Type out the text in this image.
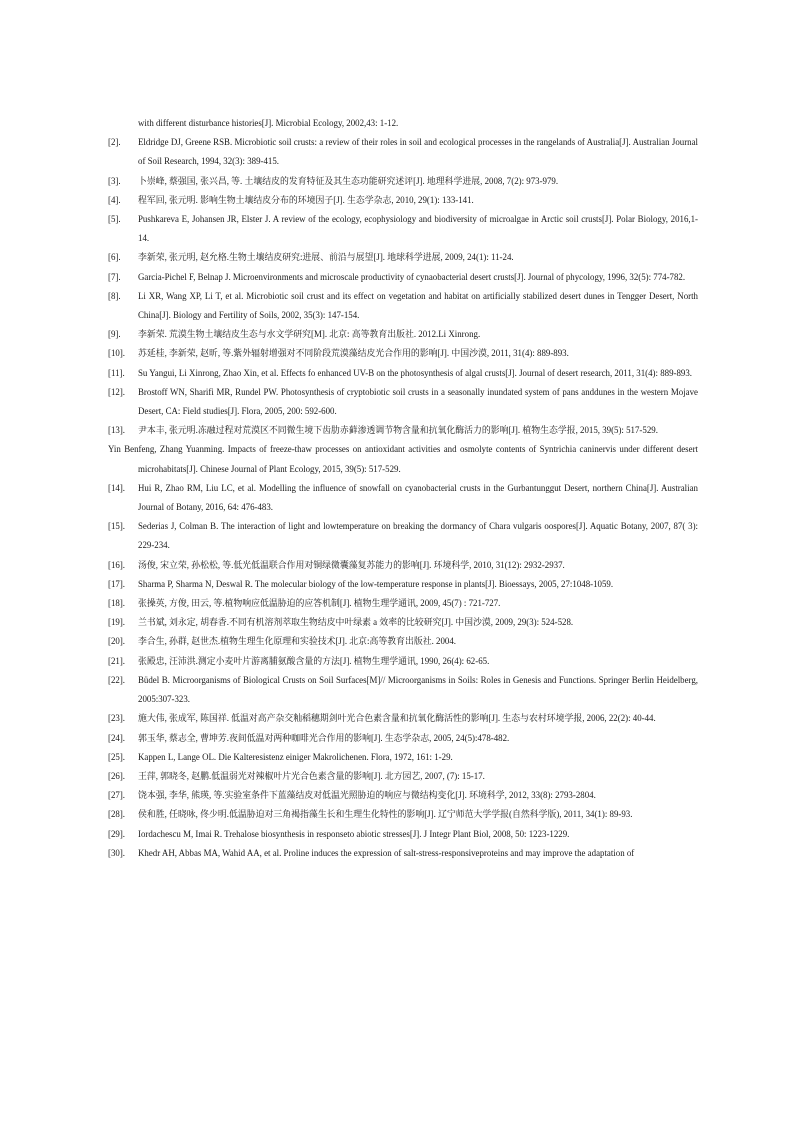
with different disturbance histories[J]. Microbial Ecology, 2002,43: 1-12.
[2]. Eldridge DJ, Greene RSB. Microbiotic soil crusts: a review of their roles in soil and ecological processes in the rangelands of Australia[J]. Australian Journal of Soil Research, 1994, 32(3): 389-415.
[3]. 卜崇峰, 蔡强国, 张兴昌, 等. 土壤结皮的发育特征及其生态功能研究述评[J]. 地理科学进展, 2008, 7(2): 973-979.
[4]. 程军回, 张元明. 影响生物土壤结皮分布的环境因子[J]. 生态学杂志, 2010, 29(1): 133-141.
[5]. Pushkareva E, Johansen JR, Elster J. A review of the ecology, ecophysiology and biodiversity of microalgae in Arctic soil crusts[J]. Polar Biology, 2016,1-14.
[6]. 李新荣, 张元明, 赵允格.生物土壤结皮研究:进展、前沿与展望[J]. 地球科学进展, 2009, 24(1): 11-24.
[7]. Garcia-Pichel F, Belnap J. Microenvironments and microscale productivity of cynaobacterial desert crusts[J]. Journal of phycology, 1996, 32(5): 774-782.
[8]. Li XR, Wang XP, Li T, et al. Microbiotic soil crust and its effect on vegetation and habitat on artificially stabilized desert dunes in Tengger Desert, North China[J]. Biology and Fertility of Soils, 2002, 35(3): 147-154.
[9]. 李新荣. 荒漠生物土壤结皮生态与水文学研究[M]. 北京: 高等教育出版社. 2012.Li Xinrong.
[10]. 苏延桂, 李新荣, 赵昕, 等.紫外辐射增强对不同阶段荒漠藻结皮光合作用的影响[J]. 中国沙漠, 2011, 31(4): 889-893.
[11]. Su Yangui, Li Xinrong, Zhao Xin, et al. Effects fo enhanced UV-B on the photosynthesis of algal crusts[J]. Journal of desert research, 2011, 31(4): 889-893.
[12]. Brostoff WN, Sharifi MR, Rundel PW. Photosynthesis of cryptobiotic soil crusts in a seasonally inundated system of pans anddunes in the western Mojave Desert, CA: Field studies[J]. Flora, 2005, 200: 592-600.
[13]. 尹本丰, 张元明.冻融过程对荒漠区不同微生境下齿肋赤藓渗透调节物含量和抗氧化酶活力的影响[J]. 植物生态学报, 2015, 39(5): 517-529.
Yin Benfeng, Zhang Yuanming. Impacts of freeze-thaw processes on antioxidant activities and osmolyte contents of Syntrichia caninervis under different desert microhabitats[J]. Chinese Journal of Plant Ecology, 2015, 39(5): 517-529.
[14]. Hui R, Zhao RM, Liu LC, et al. Modelling the influence of snowfall on cyanobacterial crusts in the Gurbantunggut Desert, northern China[J]. Australian Journal of Botany, 2016, 64: 476-483.
[15]. Sederias J, Colman B. The interaction of light and lowtemperature on breaking the dormancy of Chara vulgaris oospores[J]. Aquatic Botany, 2007, 87( 3): 229-234.
[16]. 汤俊, 宋立荣, 孙松松, 等.低光低温联合作用对铜绿微囊藻复苏能力的影响[J]. 环境科学, 2010, 31(12): 2932-2937.
[17]. Sharma P, Sharma N, Deswal R. The molecular biology of the low-temperature response in plants[J]. Bioessays, 2005, 27:1048-1059.
[18]. 张操英, 方俊, 田云, 等.植物响应低温胁迫的应答机制[J]. 植物生理学通讯, 2009, 45(7) : 721-727.
[19]. 兰书斌, 刘永定, 胡春香.不同有机溶剂萃取生物结皮中叶绿素 a 效率的比较研究[J]. 中国沙漠, 2009, 29(3): 524-528.
[20]. 李合生, 孙群, 赵世杰.植物生理生化原理和实验技术[J]. 北京:高等教育出版社. 2004.
[21]. 张殿忠, 汪沛洪.测定小麦叶片游离脯氨酸含量的方法[J]. 植物生理学通讯, 1990, 26(4): 62-65.
[22]. Büdel B. Microorganisms of Biological Crusts on Soil Surfaces[M]// Microorganisms in Soils: Roles in Genesis and Functions. Springer Berlin Heidelberg, 2005:307-323.
[23]. 施大伟, 张成军, 陈国祥. 低温对高产杂交籼稻穗期剑叶光合色素含量和抗氧化酶活性的影响[J]. 生态与农村环境学报, 2006, 22(2): 40-44.
[24]. 郭玉华, 蔡志全, 曹坤芳.夜间低温对两种咖啡光合作用的影响[J]. 生态学杂志, 2005, 24(5):478-482.
[25]. Kappen L, Lange OL. Die Kalteresistenz einiger Makrolichenen. Flora, 1972, 161: 1-29.
[26]. 王萍, 郭晓冬, 赵鹏.低温弱光对辣椒叶片光合色素含量的影响[J]. 北方园艺, 2007, (7): 15-17.
[27]. 饶本强, 李华, 熊瑛, 等.实验室条件下蓝藻结皮对低温光照胁迫的响应与微结构变化[J]. 环境科学, 2012, 33(8): 2793-2804.
[28]. 侯和胜, 任晓咏, 佟少明.低温胁迫对三角褐指藻生长和生理生化特性的影响[J]. 辽宁师范大学学报(自然科学版), 2011, 34(1): 89-93.
[29]. Iordachescu M, Imai R. Trehalose biosynthesis in responseto abiotic stresses[J]. J Integr Plant Biol, 2008, 50: 1223-1229.
[30]. Khedr AH, Abbas MA, Wahid AA, et al. Proline induces the expression of salt-stress-responsiveproteins and may improve the adaptation of
